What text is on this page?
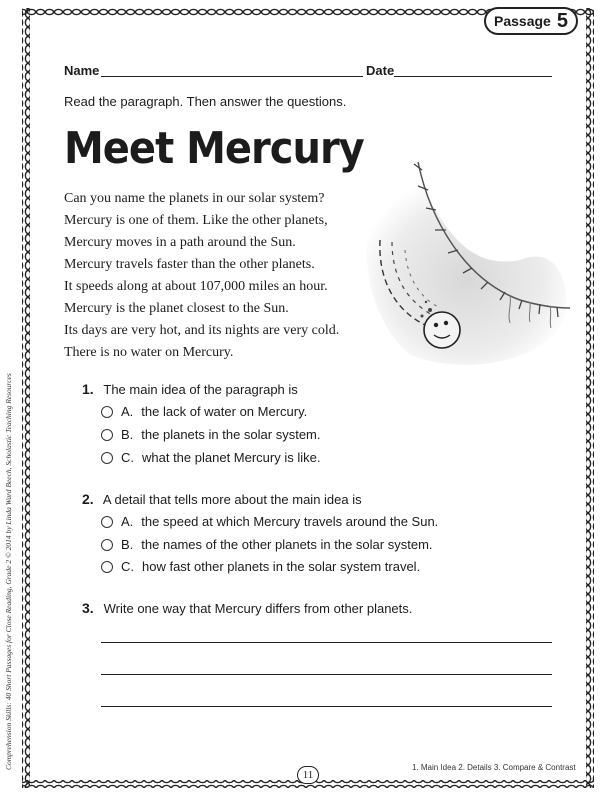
Passage 5
Name	Date
Read the paragraph. Then answer the questions.
Meet Mercury
Can you name the planets in our solar system?
Mercury is one of them. Like the other planets,
Mercury moves in a path around the Sun.
Mercury travels faster than the other planets.
It speeds along at about 107,000 miles an hour.
Mercury is the planet closest to the Sun.
Its days are very hot, and its nights are very cold.
There is no water on Mercury.
1. The main idea of the paragraph is
A. the lack of water on Mercury.
B. the planets in the solar system.
C. what the planet Mercury is like.
2. A detail that tells more about the main idea is
A. the speed at which Mercury travels around the Sun.
B. the names of the other planets in the solar system.
C. how fast other planets in the solar system travel.
3. Write one way that Mercury differs from other planets.
Comprehension Skills: 40 Short Passages for Close Reading, Grade 2 © 2014 by Linda Ward Beech, Scholastic Teaching Resources	1. Main Idea 2. Details 3. Compare & Contrast
11
